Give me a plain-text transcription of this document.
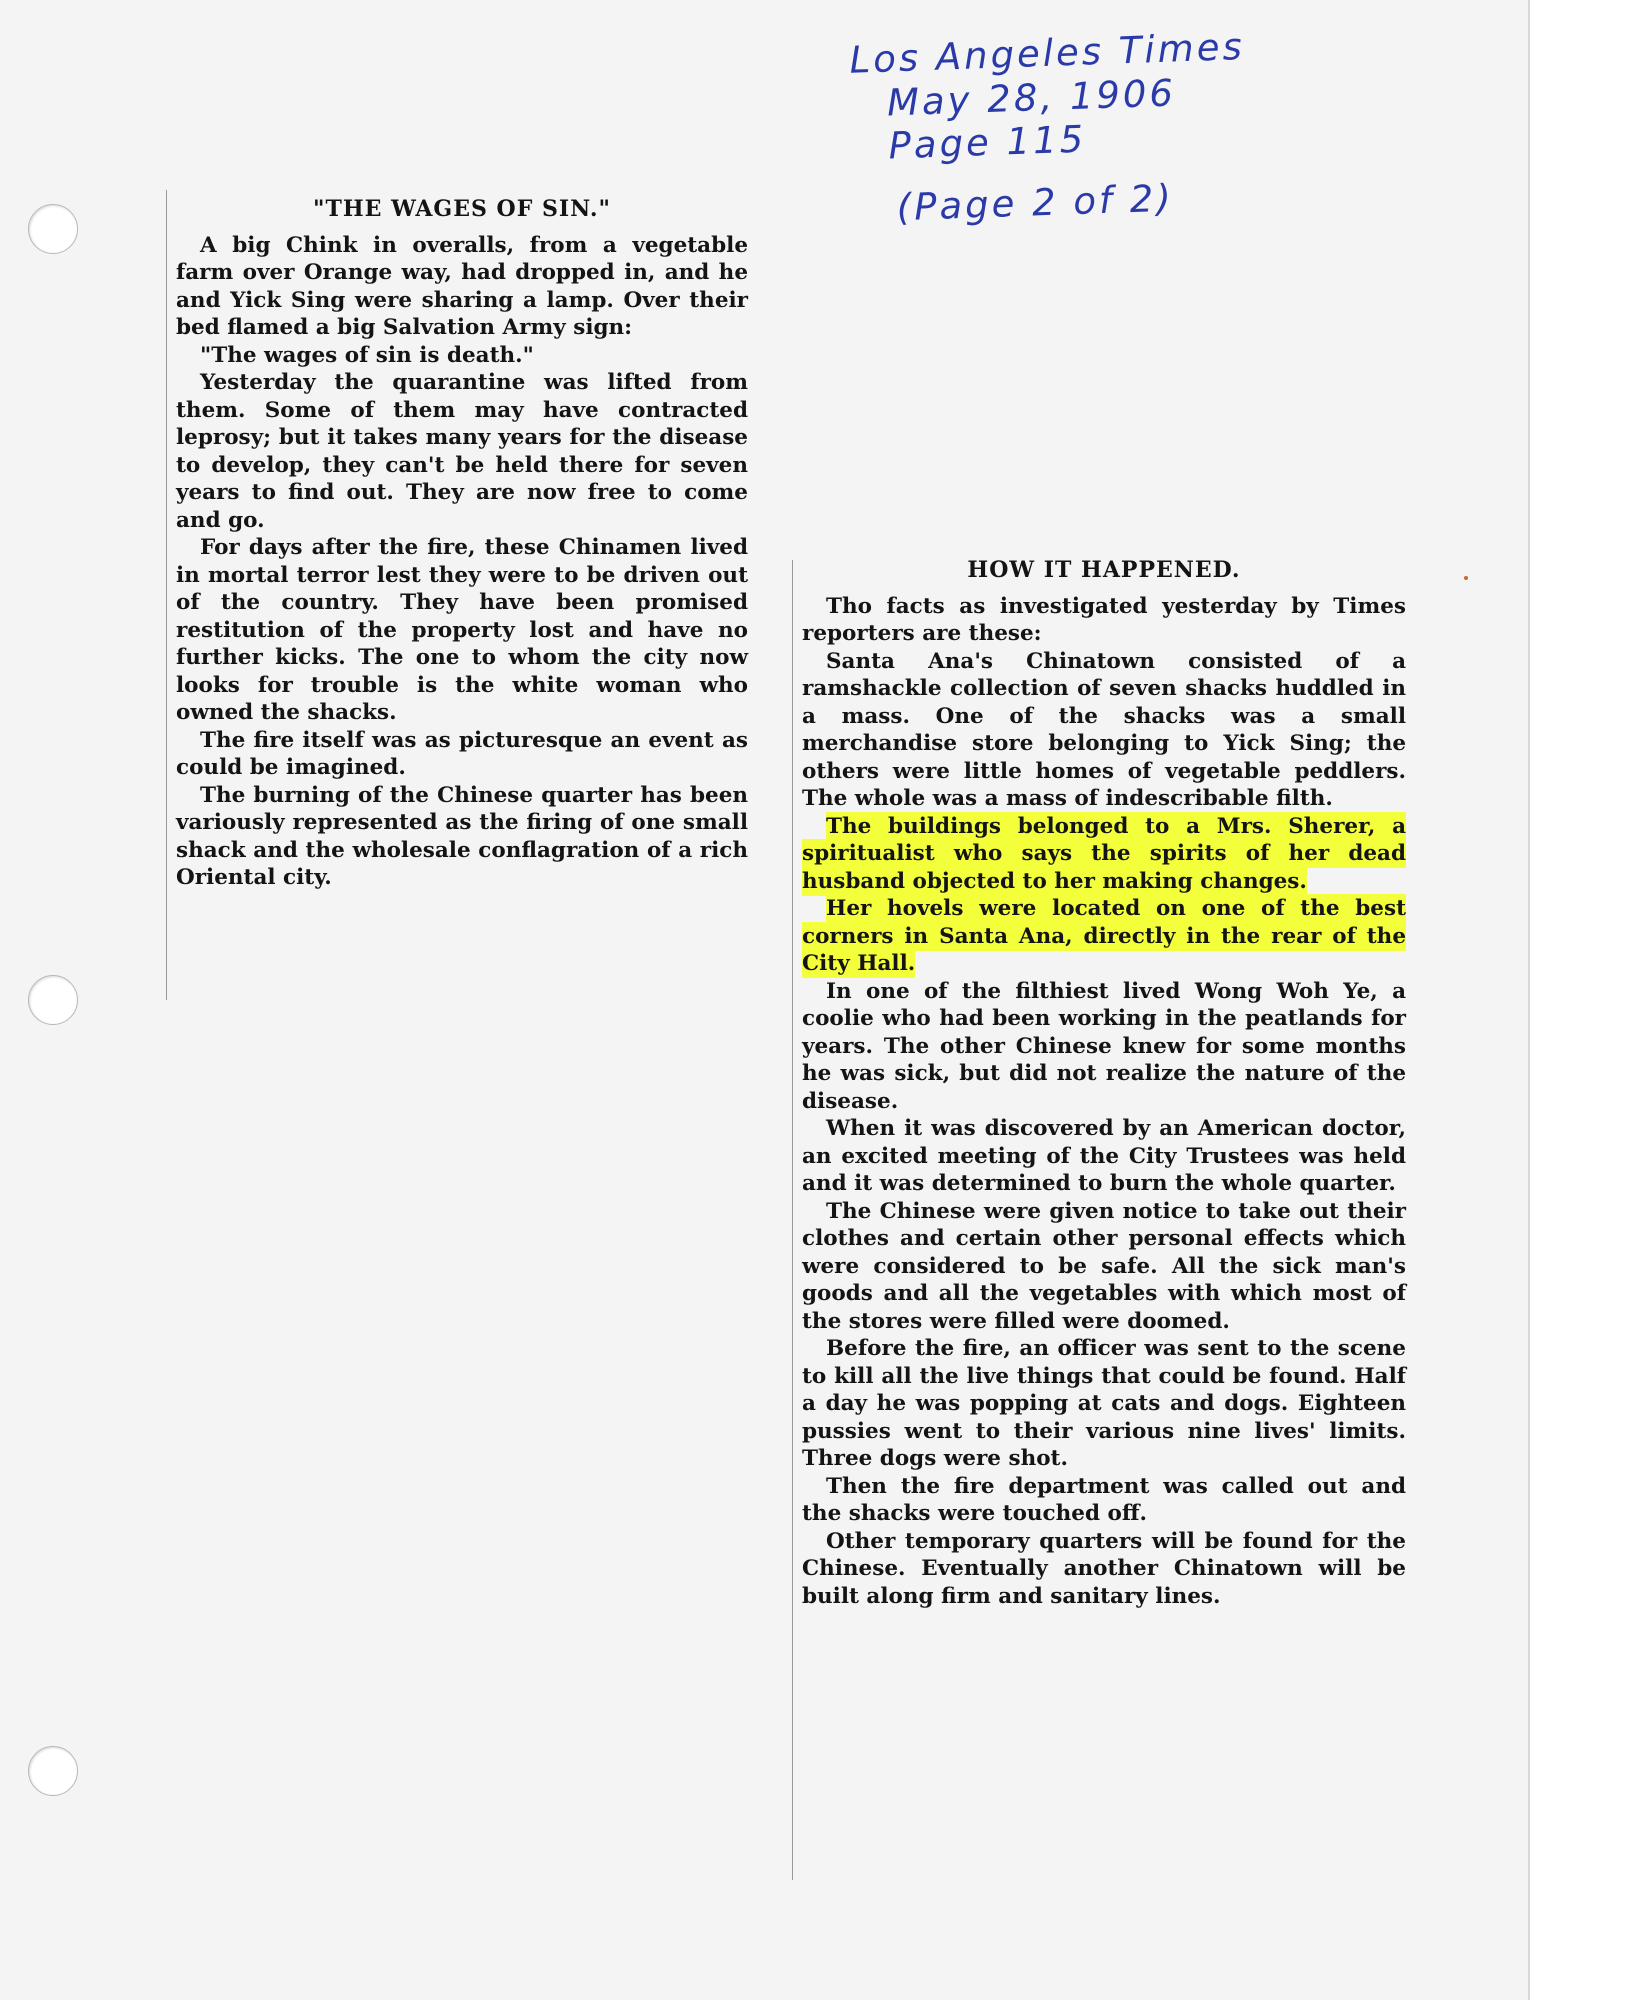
Los Angeles Times
May 28, 1906
Page 115
(Page 2 of 2)
"THE WAGES OF SIN."

A big Chink in overalls, from a vegetable farm over Orange way, had dropped in, and he and Yick Sing were sharing a lamp. Over their bed flamed a big Salvation Army sign:

"The wages of sin is death."

Yesterday the quarantine was lifted from them. Some of them may have contracted leprosy; but it takes many years for the disease to develop, they can't be held there for seven years to find out. They are now free to come and go.

For days after the fire, these Chinamen lived in mortal terror lest they were to be driven out of the country. They have been promised restitution of the property lost and have no further kicks. The one to whom the city now looks for trouble is the white woman who owned the shacks.

The fire itself was as picturesque an event as could be imagined.

The burning of the Chinese quarter has been variously represented as the firing of one small shack and the wholesale conflagration of a rich Oriental city.

HOW IT HAPPENED.

Tho facts as investigated yesterday by Times reporters are these:

Santa Ana's Chinatown consisted of a ramshackle collection of seven shacks huddled in a mass. One of the shacks was a small merchandise store belonging to Yick Sing; the others were little homes of vegetable peddlers. The whole was a mass of indescribable filth.

The buildings belonged to a Mrs. Sherer, a spiritualist who says the spirits of her dead husband objected to her making changes.

Her hovels were located on one of the best corners in Santa Ana, directly in the rear of the City Hall.

In one of the filthiest lived Wong Woh Ye, a coolie who had been working in the peatlands for years. The other Chinese knew for some months he was sick, but did not realize the nature of the disease.

When it was discovered by an American doctor, an excited meeting of the City Trustees was held and it was determined to burn the whole quarter.

The Chinese were given notice to take out their clothes and certain other personal effects which were considered to be safe. All the sick man's goods and all the vegetables with which most of the stores were filled were doomed.

Before the fire, an officer was sent to the scene to kill all the live things that could be found. Half a day he was popping at cats and dogs. Eighteen pussies went to their various nine lives' limits. Three dogs were shot.

Then the fire department was called out and the shacks were touched off.

Other temporary quarters will be found for the Chinese. Eventually another Chinatown will be built along firm and sanitary lines.
